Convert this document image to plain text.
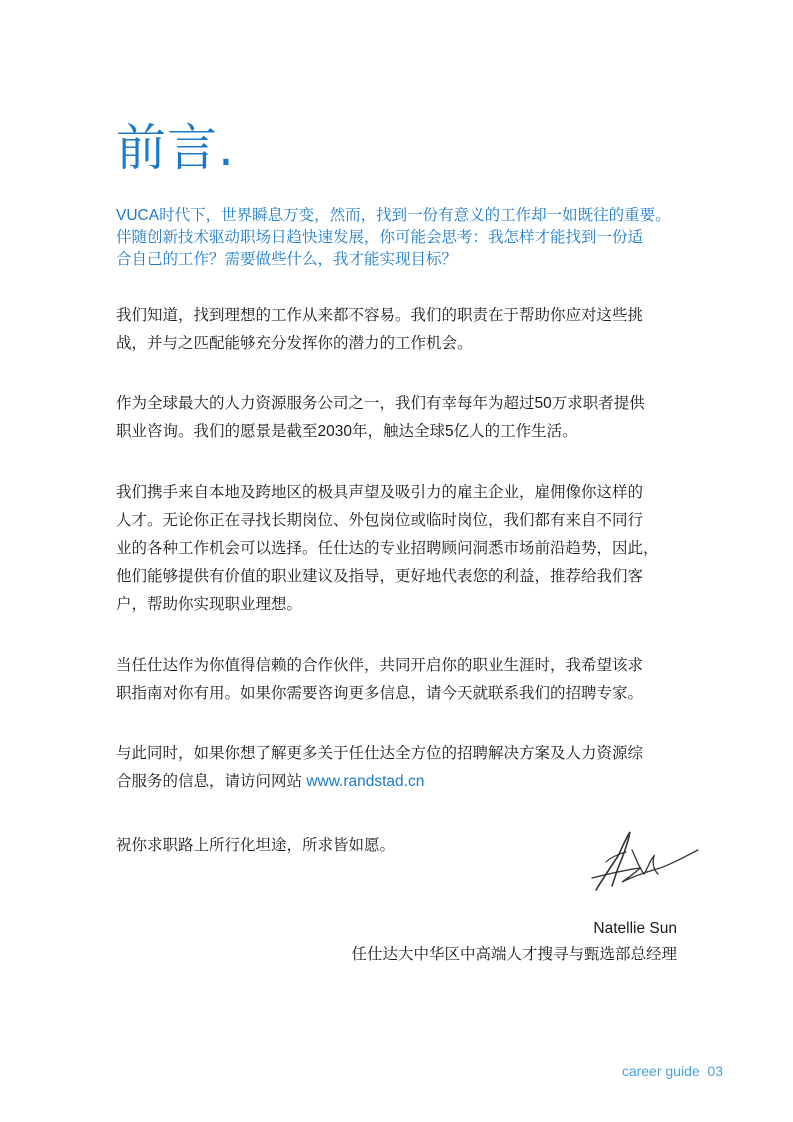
前言.
VUCA时代下，世界瞬息万变，然而，找到一份有意义的工作却一如既往的重要。
伴随创新技术驱动职场日趋快速发展，你可能会思考：我怎样才能找到一份适
合自己的工作？需要做些什么，我才能实现目标？
我们知道，找到理想的工作从来都不容易。我们的职责在于帮助你应对这些挑
战，并与之匹配能够充分发挥你的潜力的工作机会。
作为全球最大的人力资源服务公司之一，我们有幸每年为超过50万求职者提供
职业咨询。我们的愿景是截至2030年，触达全球5亿人的工作生活。
我们携手来自本地及跨地区的极具声望及吸引力的雇主企业，雇佣像你这样的
人才。无论你正在寻找长期岗位、外包岗位或临时岗位，我们都有来自不同行
业的各种工作机会可以选择。任仕达的专业招聘顾问洞悉市场前沿趋势，因此，
他们能够提供有价值的职业建议及指导，更好地代表您的利益，推荐给我们客
户，帮助你实现职业理想。
当任仕达作为你值得信赖的合作伙伴，共同开启你的职业生涯时，我希望该求
职指南对你有用。如果你需要咨询更多信息，请今天就联系我们的招聘专家。
与此同时，如果你想了解更多关于任仕达全方位的招聘解决方案及人力资源综
合服务的信息，请访问网站 www.randstad.cn
祝你求职路上所行化坦途，所求皆如愿。
Natellie Sun
任仕达大中华区中高端人才搜寻与甄选部总经理
career guide 03
